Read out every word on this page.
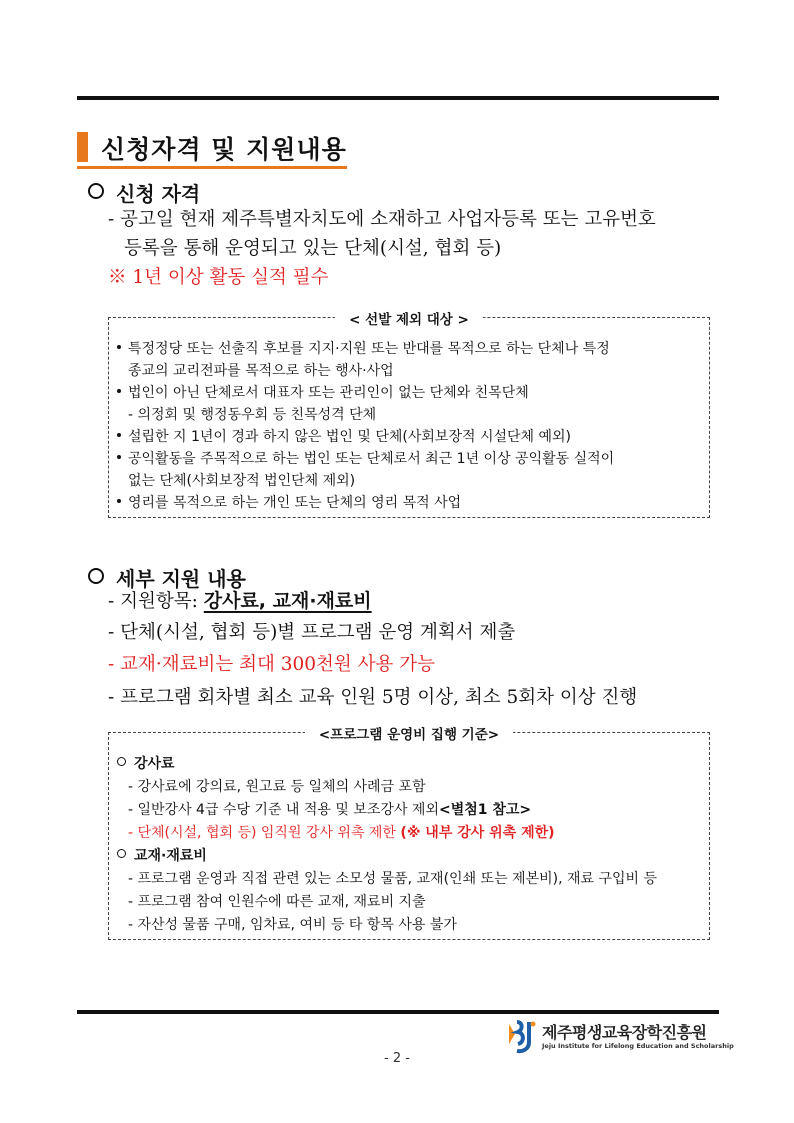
신청자격 및 지원내용
신청 자격
- 공고일 현재 제주특별자치도에 소재하고 사업자등록 또는 고유번호
등록을 통해 운영되고 있는 단체(시설, 협회 등)
※ 1년 이상 활동 실적 필수
< 선발 제외 대상 >
특정정당 또는 선출직 후보를 지지·지원 또는 반대를 목적으로 하는 단체나 특정
종교의 교리전파를 목적으로 하는 행사·사업
법인이 아닌 단체로서 대표자 또는 관리인이 없는 단체와 친목단체
- 의정회 및 행정동우회 등 친목성격 단체
설립한 지 1년이 경과 하지 않은 법인 및 단체(사회보장적 시설단체 예외)
공익활동을 주목적으로 하는 법인 또는 단체로서 최근 1년 이상 공익활동 실적이
없는 단체(사회보장적 법인단체 제외)
영리를 목적으로 하는 개인 또는 단체의 영리 목적 사업
세부 지원 내용
- 지원항목: 강사료, 교재·재료비
- 단체(시설, 협회 등)별 프로그램 운영 계획서 제출
- 교재·재료비는 최대 300천원 사용 가능
- 프로그램 회차별 최소 교육 인원 5명 이상, 최소 5회차 이상 진행
<프로그램 운영비 집행 기준>
강사료
- 강사료에 강의료, 원고료 등 일체의 사례금 포함
- 일반강사 4급 수당 기준 내 적용 및 보조강사 제외<별첨1 참고>
- 단체(시설, 협회 등) 임직원 강사 위촉 제한 (※ 내부 강사 위촉 제한)
교재·재료비
- 프로그램 운영과 직접 관련 있는 소모성 물품, 교재(인쇄 또는 제본비), 재료 구입비 등
- 프로그램 참여 인원수에 따른 교재, 재료비 지출
- 자산성 물품 구매, 임차료, 여비 등 타 항목 사용 불가
제주평생교육장학진흥원
Jeju Institute for Lifelong Education and Scholarship
- 2 -
